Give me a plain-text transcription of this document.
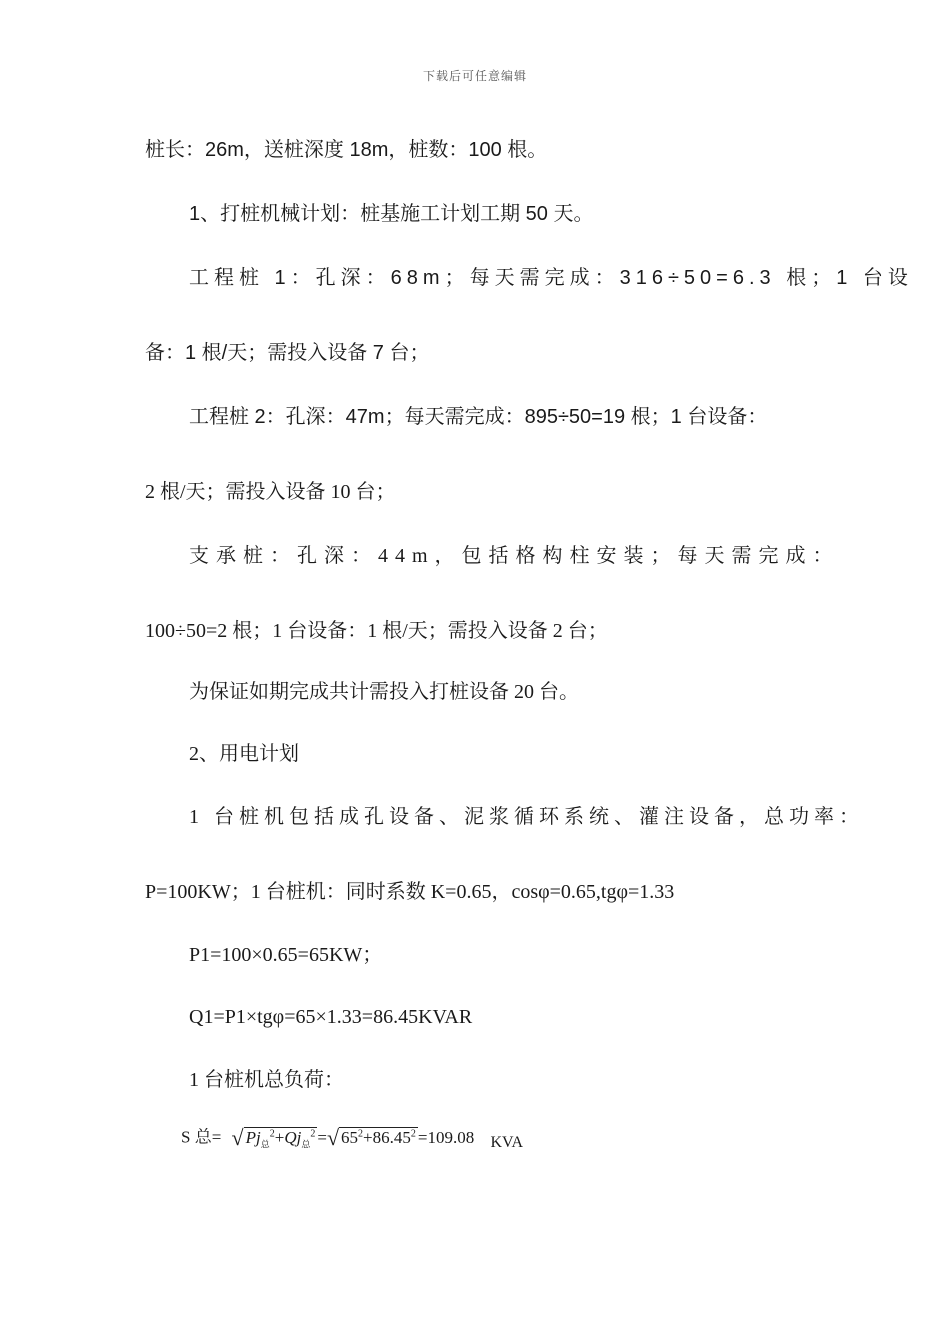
下载后可任意编辑
桩长：26m，送桩深度 18m，桩数：100 根。
1、打桩机械计划：桩基施工计划工期 50 天。
工程桩 1：孔深：68m；每天需完成：316÷50=6.3 根；1 台设
备：1 根/天；需投入设备 7 台；
工程桩 2：孔深：47m；每天需完成：895÷50=19 根；1 台设备：
2 根/天；需投入设备 10 台；
支承桩：孔深：44m，包括格构柱安装；每天需完成：
100÷50=2 根；1 台设备：1 根/天；需投入设备 2 台；
为保证如期完成共计需投入打桩设备 20 台。
2、用电计划
1 台桩机包括成孔设备、泥浆循环系统、灌注设备，总功率：
P=100KW；1 台桩机：同时系数 K=0.65，cosφ=0.65,tgφ=1.33
P1=100×0.65=65KW；
Q1=P1×tgφ=65×1.33=86.45KVAR
1 台桩机总负荷：
S 总= √ $Pj_总^2+Qj_总^2$ =√ $65^2+86.45^2 =109.08$ KVA
